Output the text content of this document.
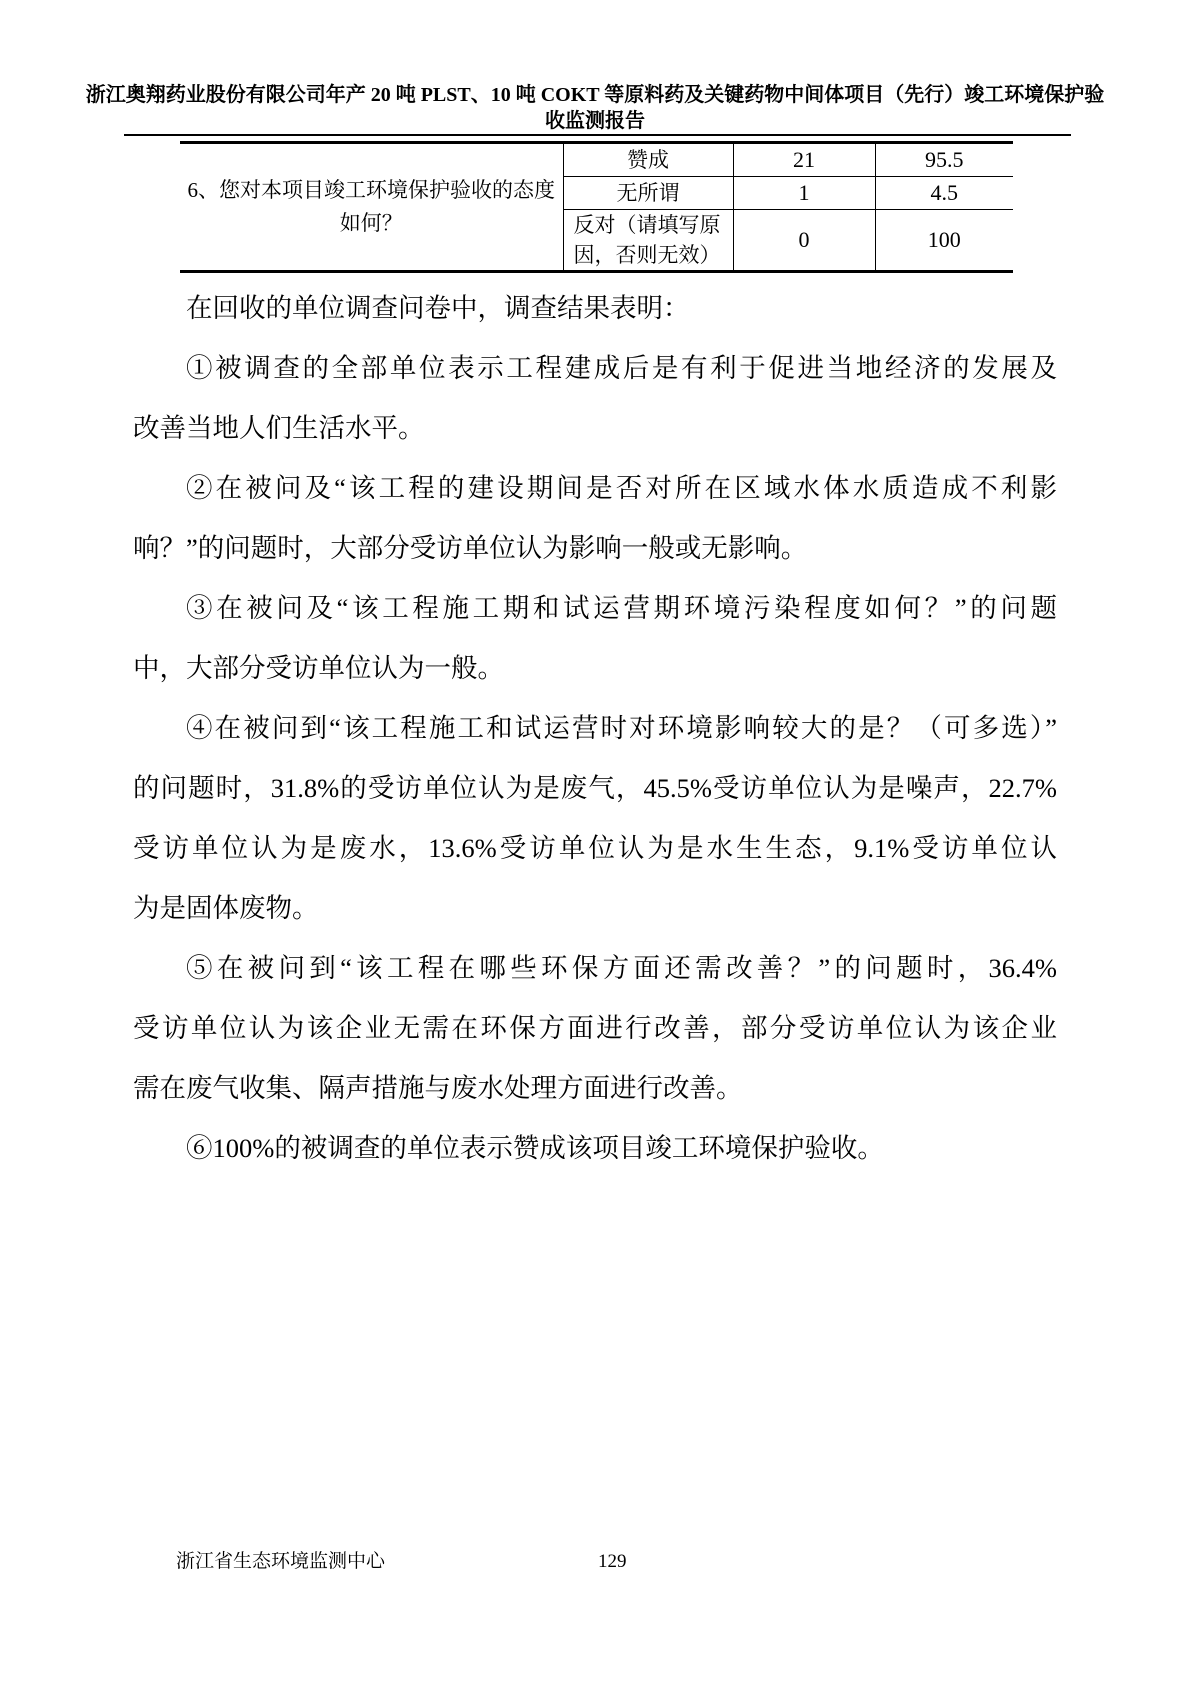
浙江奥翔药业股份有限公司年产 20 吨 PLST、10 吨 COKT 等原料药及关键药物中间体项目（先行）竣工环境保护验
收监测报告
6、您对本项目竣工环境保护验收的态度如何？	赞成	21	95.5
	无所谓	1	4.5
	反对（请填写原因，否则无效）	0	100
在回收的单位调查问卷中，调查结果表明：
①被调查的全部单位表示工程建成后是有利于促进当地经济的发展及
改善当地人们生活水平。
②在被问及“该工程的建设期间是否对所在区域水体水质造成不利影
响？”的问题时，大部分受访单位认为影响一般或无影响。
③在被问及“该工程施工期和试运营期环境污染程度如何？”的问题
中，大部分受访单位认为一般。
④在被问到“该工程施工和试运营时对环境影响较大的是？（可多选）”
的问题时，31.8%的受访单位认为是废气，45.5%受访单位认为是噪声，22.7%
受访单位认为是废水，13.6%受访单位认为是水生生态，9.1%受访单位认
为是固体废物。
⑤在被问到“该工程在哪些环保方面还需改善？”的问题时，36.4%
受访单位认为该企业无需在环保方面进行改善，部分受访单位认为该企业
需在废气收集、隔声措施与废水处理方面进行改善。
⑥100%的被调查的单位表示赞成该项目竣工环境保护验收。
浙江省生态环境监测中心	129
